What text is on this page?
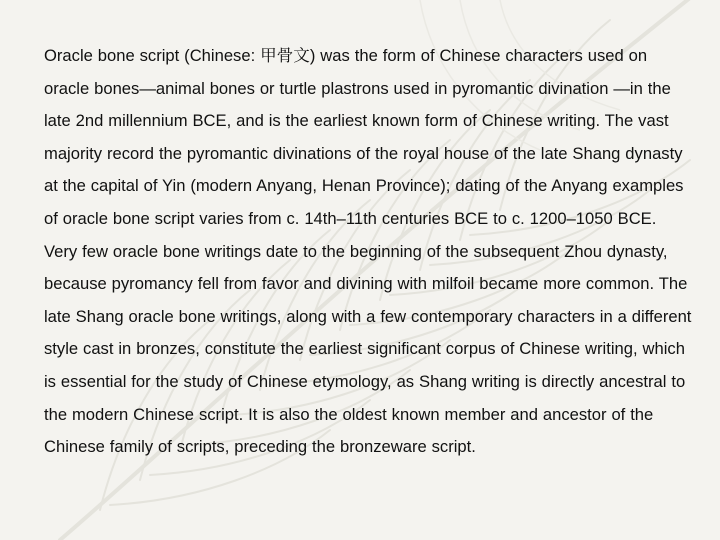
Oracle bone script (Chinese: 甲骨文) was the form of Chinese characters used on oracle bones—animal bones or turtle plastrons used in pyromantic divination —in the late 2nd millennium BCE, and is the earliest known form of Chinese writing. The vast majority record the pyromantic divinations of the royal house of the late Shang dynasty at the capital of Yin (modern Anyang, Henan Province); dating of the Anyang examples of oracle bone script varies from c. 14th–11th centuries BCE to c. 1200–1050 BCE. Very few oracle bone writings date to the beginning of the subsequent Zhou dynasty, because pyromancy fell from favor and divining with milfoil became more common. The late Shang oracle bone writings, along with a few contemporary characters in a different style cast in bronzes, constitute the earliest significant corpus of Chinese writing, which is essential for the study of Chinese etymology, as Shang writing is directly ancestral to the modern Chinese script. It is also the oldest known member and ancestor of the Chinese family of scripts, preceding the bronzeware script.
